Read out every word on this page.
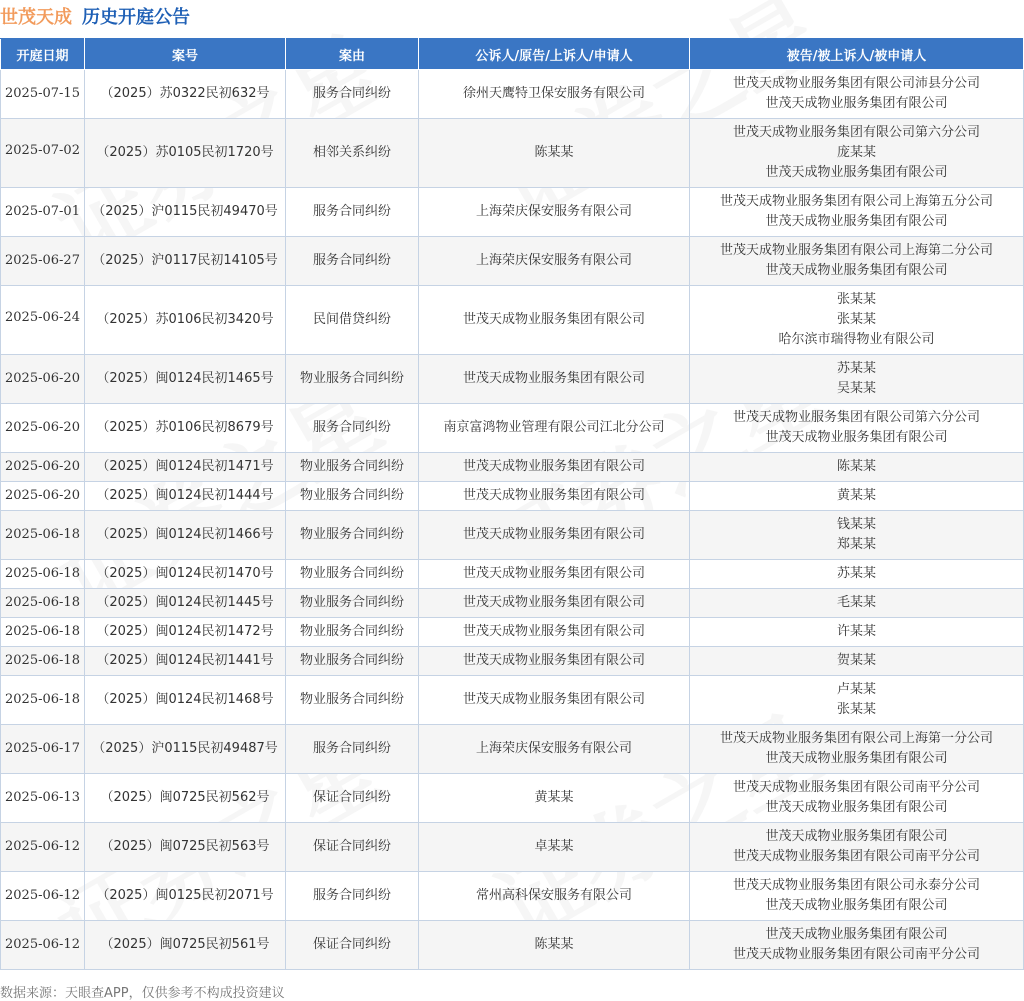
世茂天成 历史开庭公告
开庭日期	案号	案由	公诉人/原告/上诉人/申请人	被告/被上诉人/被申请人
2025-07-15	（2025）苏0322民初632号	服务合同纠纷	徐州天鹰特卫保安服务有限公司	世茂天成物业服务集团有限公司沛县分公司
世茂天成物业服务集团有限公司

2025-07-02	（2025）苏0105民初1720号	相邻关系纠纷	陈某某	世茂天成物业服务集团有限公司第六分公司
庞某某
世茂天成物业服务集团有限公司

2025-07-01	（2025）沪0115民初49470号	服务合同纠纷	上海荣庆保安服务有限公司	世茂天成物业服务集团有限公司上海第五分公司
世茂天成物业服务集团有限公司

2025-06-27	（2025）沪0117民初14105号	服务合同纠纷	上海荣庆保安服务有限公司	世茂天成物业服务集团有限公司上海第二分公司
世茂天成物业服务集团有限公司

2025-06-24	（2025）苏0106民初3420号	民间借贷纠纷	世茂天成物业服务集团有限公司	张某某
张某某
哈尔滨市瑞得物业有限公司

2025-06-20	（2025）闽0124民初1465号	物业服务合同纠纷	世茂天成物业服务集团有限公司	苏某某
吴某某

2025-06-20	（2025）苏0106民初8679号	服务合同纠纷	南京富鸿物业管理有限公司江北分公司	世茂天成物业服务集团有限公司第六分公司
世茂天成物业服务集团有限公司

2025-06-20	（2025）闽0124民初1471号	物业服务合同纠纷	世茂天成物业服务集团有限公司	陈某某

2025-06-20	（2025）闽0124民初1444号	物业服务合同纠纷	世茂天成物业服务集团有限公司	黄某某

2025-06-18	（2025）闽0124民初1466号	物业服务合同纠纷	世茂天成物业服务集团有限公司	钱某某
郑某某

2025-06-18	（2025）闽0124民初1470号	物业服务合同纠纷	世茂天成物业服务集团有限公司	苏某某

2025-06-18	（2025）闽0124民初1445号	物业服务合同纠纷	世茂天成物业服务集团有限公司	毛某某

2025-06-18	（2025）闽0124民初1472号	物业服务合同纠纷	世茂天成物业服务集团有限公司	许某某

2025-06-18	（2025）闽0124民初1441号	物业服务合同纠纷	世茂天成物业服务集团有限公司	贺某某

2025-06-18	（2025）闽0124民初1468号	物业服务合同纠纷	世茂天成物业服务集团有限公司	卢某某
张某某

2025-06-17	（2025）沪0115民初49487号	服务合同纠纷	上海荣庆保安服务有限公司	世茂天成物业服务集团有限公司上海第一分公司
世茂天成物业服务集团有限公司

2025-06-13	（2025）闽0725民初562号	保证合同纠纷	黄某某	世茂天成物业服务集团有限公司南平分公司
世茂天成物业服务集团有限公司

2025-06-12	（2025）闽0725民初563号	保证合同纠纷	卓某某	世茂天成物业服务集团有限公司
世茂天成物业服务集团有限公司南平分公司

2025-06-12	（2025）闽0125民初2071号	服务合同纠纷	常州高科保安服务有限公司	世茂天成物业服务集团有限公司永泰分公司
世茂天成物业服务集团有限公司

2025-06-12	（2025）闽0725民初561号	保证合同纠纷	陈某某	世茂天成物业服务集团有限公司
世茂天成物业服务集团有限公司南平分公司
数据来源：天眼查APP，仅供参考不构成投资建议
